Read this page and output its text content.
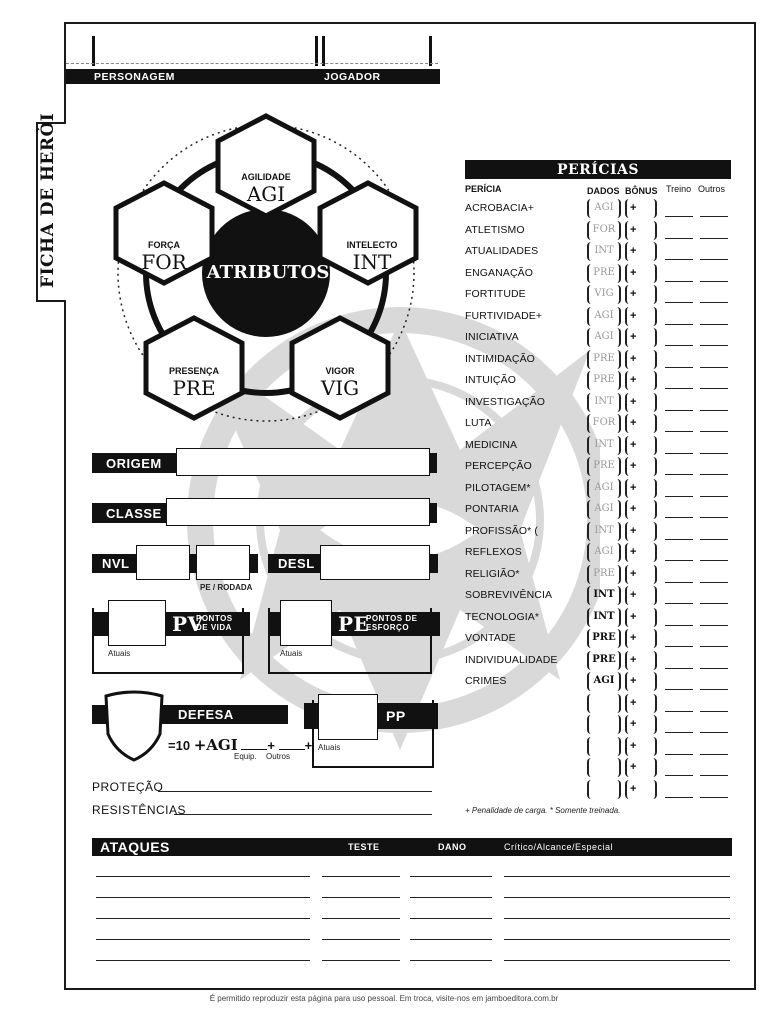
FICHA DE HERÓI
PERSONAGEM	JOGADOR
ATRIBUTOS
AGILIDADE
AGI
FORÇA
FOR
INTELECTO
INT
PRESENÇA
PRE
VIGOR
VIG
ORIGEM
CLASSE
NVL
PE / RODADA
DESL
PV
PONTOS DE VIDA
Atuais
PE
PONTOS DE ESFORÇO
Atuais
DEFESA
=10 +AGI + +
Equip. Outros
PP
Atuais
PROTEÇÃO
RESISTÊNCIAS
PERÍCIAS
PERÍCIA	DADOS BÔNUS Treino Outros
ACROBACIA+	AGI	+
ATLETISMO	FOR	+
ATUALIDADES	INT	+
ENGANAÇÃO	PRE	+
FORTITUDE	VIG	+
FURTIVIDADE+	AGI	+
INICIATIVA	AGI	+
INTIMIDAÇÃO	PRE	+
INTUIÇÃO	PRE	+
INVESTIGAÇÃO	INT	+
LUTA	FOR	+
MEDICINA	INT	+
PERCEPÇÃO	PRE	+
PILOTAGEM*	AGI	+
PONTARIA	AGI	+
PROFISSÃO* (	INT	+
REFLEXOS	AGI	+
RELIGIÃO*	PRE	+
SOBREVIVÊNCIA	INT	+
TECNOLOGIA*	INT	+
VONTADE	PRE	+
INDIVIDUALIDADE	PRE	+
CRIMES	AGI	+
+
+
+
+
+
+ Penalidade de carga. * Somente treinada.
ATAQUES	TESTE	DANO	Crítico/Alcance/Especial
É permitido reproduzir esta página para uso pessoal. Em troca, visite-nos em jamboeditora.com.br
